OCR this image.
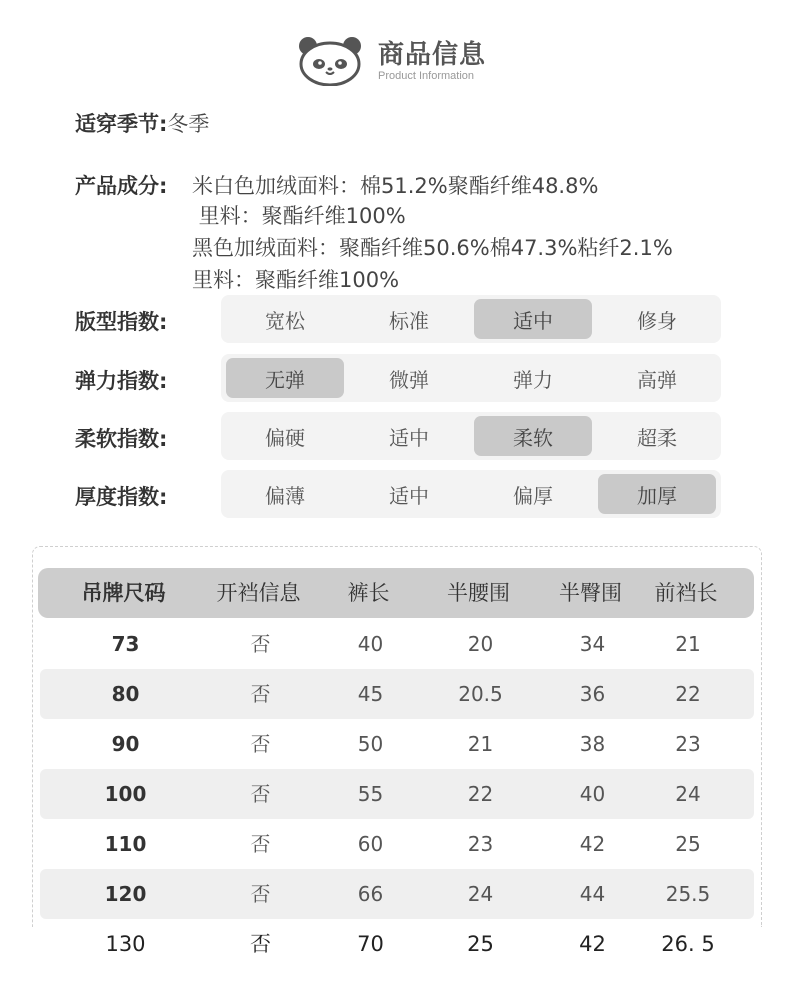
商品信息
Product Information
适穿季节:冬季
产品成分: 米白色加绒面料：棉51.2%聚酯纤维48.8%
里料：聚酯纤维100%
黑色加绒面料：聚酯纤维50.6%棉47.3%粘纤2.1%
里料：聚酯纤维100%
版型指数:	宽松	标准	适中	修身
弹力指数:	无弹	微弹	弹力	高弹
柔软指数:	偏硬	适中	柔软	超柔
厚度指数:	偏薄	适中	偏厚	加厚
吊牌尺码	开裆信息	裤长	半腰围	半臀围	前裆长
73	否	40	20	34	21
80	否	45	20.5	36	22
90	否	50	21	38	23
100	否	55	22	40	24
110	否	60	23	42	25
120	否	66	24	44	25.5
130	否	70	25	42	26. 5
